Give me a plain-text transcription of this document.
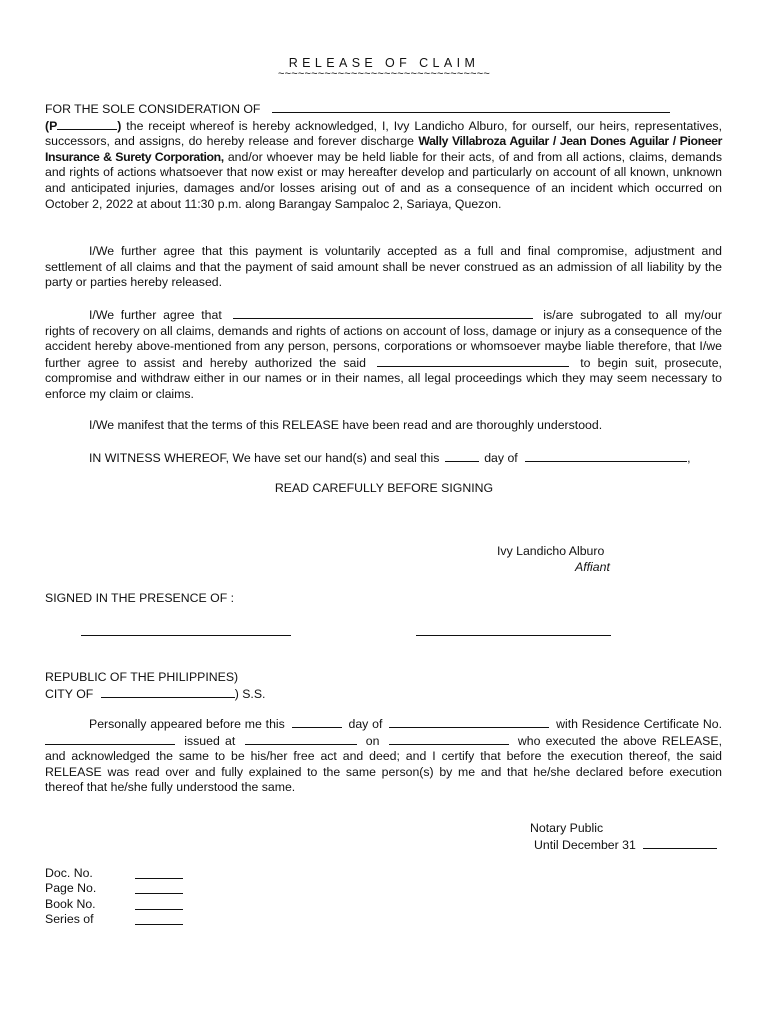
RELEASE OF CLAIM
~~~~~~~~~~~~~~~~~~~~~~~~~~~~~~~~
FOR THE SOLE CONSIDERATION OF
(P	) the receipt whereof is hereby acknowledged, I, Ivy Landicho Alburo, for ourself, our heirs, representatives, successors, and assigns, do hereby release and forever discharge Wally Villabroza Aguilar / Jean Dones Aguilar / Pioneer Insurance & Surety Corporation, and/or whoever may be held liable for their acts, of and from all actions, claims, demands and rights of actions whatsoever that now exist or may hereafter develop and particularly on account of all known, unknown and anticipated injuries, damages and/or losses arising out of and as a consequence of an incident which occurred on October 2, 2022 at about 11:30 p.m. along Barangay Sampaloc 2, Sariaya, Quezon.
I/We further agree that this payment is voluntarily accepted as a full and final compromise, adjustment and settlement of all claims and that the payment of said amount shall be never construed as an admission of all liability by the party or parties hereby released.
I/We further agree that	is/are subrogated to all my/our rights of recovery on all claims, demands and rights of actions on account of loss, damage or injury as a consequence of the accident hereby above-mentioned from any person, persons, corporations or whomsoever maybe liable therefore, that I/we further agree to assist and hereby authorized the said	to begin suit, prosecute, compromise and withdraw either in our names or in their names, all legal proceedings which they may seem necessary to enforce my claim or claims.
I/We manifest that the terms of this RELEASE have been read and are thoroughly understood.
IN WITNESS WHEREOF, We have set our hand(s) and seal this	day of	,
READ CAREFULLY BEFORE SIGNING
Ivy Landicho Alburo
Affiant
SIGNED IN THE PRESENCE OF :
REPUBLIC OF THE PHILIPPINES)
CITY OF	) S.S.
Personally appeared before me this	day of	with Residence Certificate No.  issued at	on	who executed the above RELEASE, and acknowledged the same to be his/her free act and deed; and I certify that before the execution thereof, the said RELEASE was read over and fully explained to the same person(s) by me and that he/she declared before execution thereof that he/she fully understood the same.
Notary Public
Until December 31
Doc. No.
Page No.
Book No.
Series of
